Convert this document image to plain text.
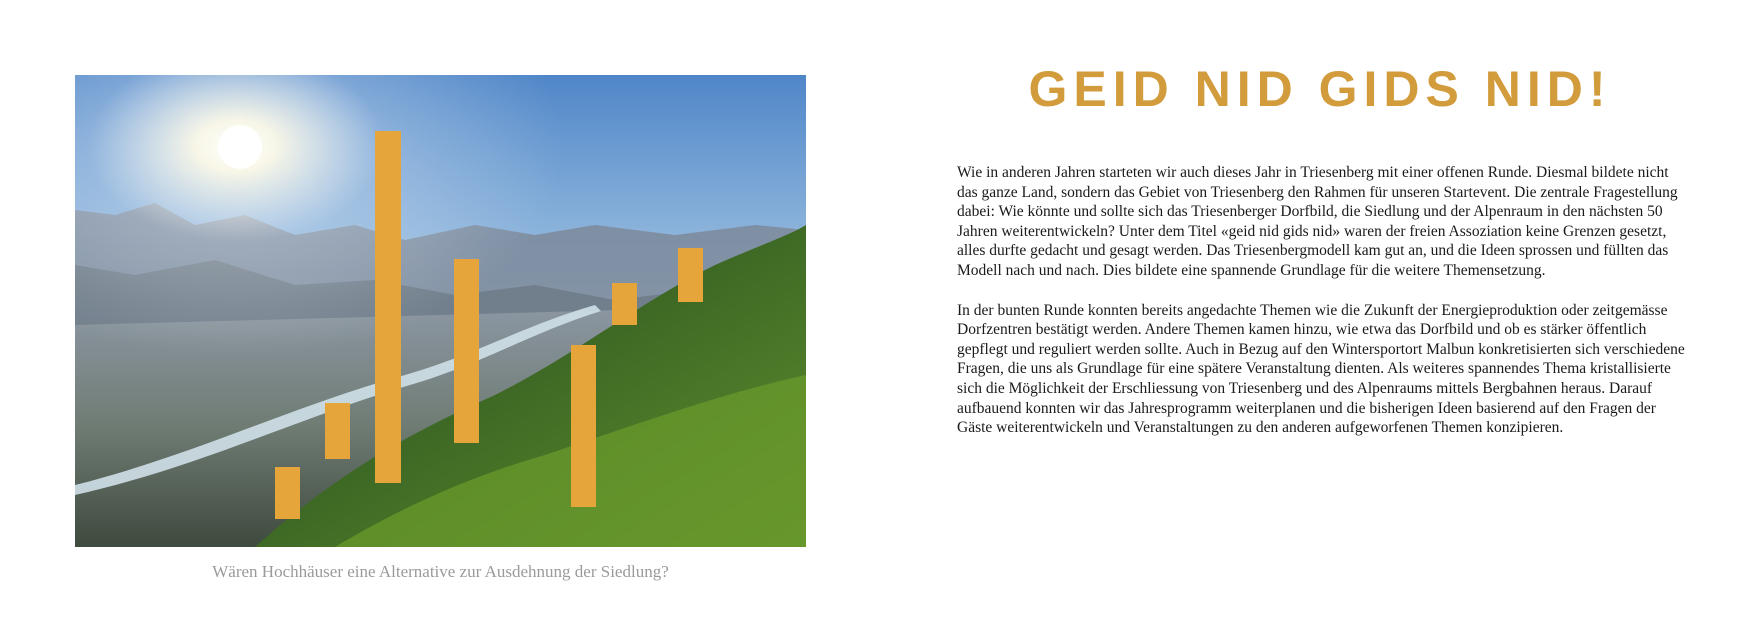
Wären Hochhäuser eine Alternative zur Ausdehnung der Siedlung?
GEID NID GIDS NID!

Wie in anderen Jahren starteten wir auch dieses Jahr in Triesenberg mit einer offenen Runde. Diesmal bildete nicht das ganze Land, sondern das Gebiet von Triesenberg den Rahmen für unseren Startevent. Die zentrale Fragestellung dabei: Wie könnte und sollte sich das Triesenberger Dorfbild, die Siedlung und der Alpenraum in den nächsten 50 Jahren weiterentwickeln? Unter dem Titel «geid nid gids nid» waren der freien Assoziation keine Grenzen gesetzt, alles durfte gedacht und gesagt werden. Das Triesenbergmodell kam gut an, und die Ideen sprossen und füllten das Modell nach und nach. Dies bildete eine spannende Grundlage für die weitere Themensetzung.

In der bunten Runde konnten bereits angedachte Themen wie die Zukunft der Energieproduktion oder zeitgemässe Dorfzentren bestätigt werden. Andere Themen kamen hinzu, wie etwa das Dorfbild und ob es stärker öffentlich gepflegt und reguliert werden sollte. Auch in Bezug auf den Wintersportort Malbun konkretisierten sich verschiedene Fragen, die uns als Grundlage für eine spätere Veranstaltung dienten. Als weiteres spannendes Thema kristallisierte sich die Möglichkeit der Erschliessung von Triesenberg und des Alpenraums mittels Bergbahnen heraus. Darauf aufbauend konnten wir das Jahresprogramm weiterplanen und die bisherigen Ideen basierend auf den Fragen der Gäste weiterentwickeln und Veranstaltungen zu den anderen aufgeworfenen Themen konzipieren.
